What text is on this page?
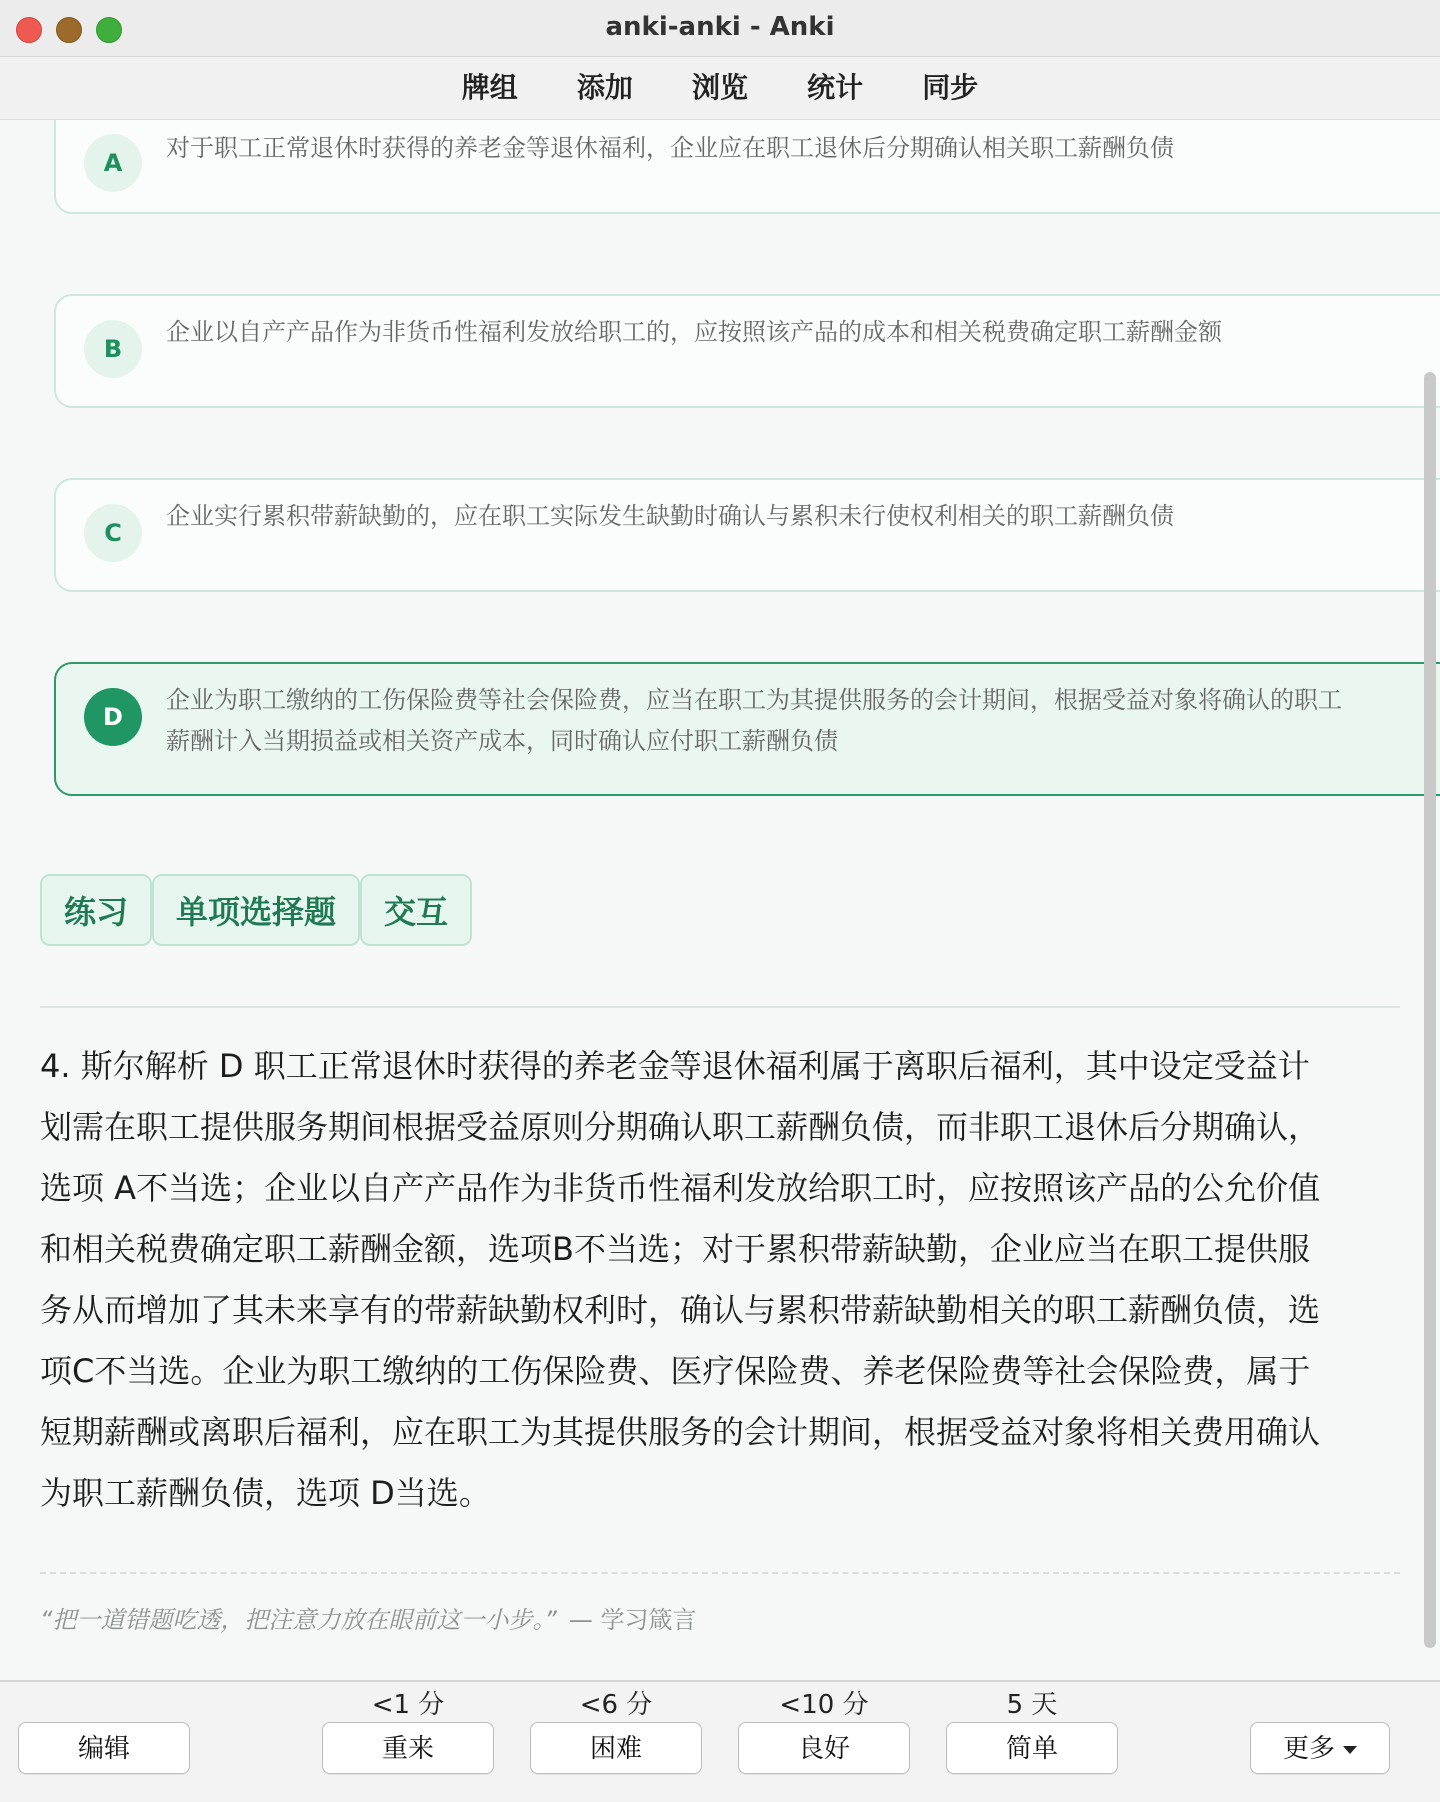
anki-anki - Anki
牌组 添加 浏览 统计 同步
A
对于职工正常退休时获得的养老金等退休福利，企业应在职工退休后分期确认相关职工薪酬负债
B
企业以自产产品作为非货币性福利发放给职工的，应按照该产品的成本和相关税费确定职工薪酬金额
C
企业实行累积带薪缺勤的，应在职工实际发生缺勤时确认与累积未行使权利相关的职工薪酬负债
D
企业为职工缴纳的工伤保险费等社会保险费，应当在职工为其提供服务的会计期间，根据受益对象将确认的职工
薪酬计入当期损益或相关资产成本，同时确认应付职工薪酬负债
练习 单项选择题 交互
4. 斯尔解析 D 职工正常退休时获得的养老金等退休福利属于离职后福利，其中设定受益计
划需在职工提供服务期间根据受益原则分期确认职工薪酬负债，而非职工退休后分期确认，
选项 A不当选；企业以自产产品作为非货币性福利发放给职工时，应按照该产品的公允价值
和相关税费确定职工薪酬金额，选项B不当选；对于累积带薪缺勤，企业应当在职工提供服
务从而增加了其未来享有的带薪缺勤权利时，确认与累积带薪缺勤相关的职工薪酬负债，选
项C不当选。企业为职工缴纳的工伤保险费、医疗保险费、养老保险费等社会保险费，属于
短期薪酬或离职后福利，应在职工为其提供服务的会计期间，根据受益对象将相关费用确认
为职工薪酬负债，选项 D当选。
“把一道错题吃透，把注意力放在眼前这一小步。” — 学习箴言
编辑
<1 分
重来
<6 分
困难
<10 分
良好
5 天
简单	更多
